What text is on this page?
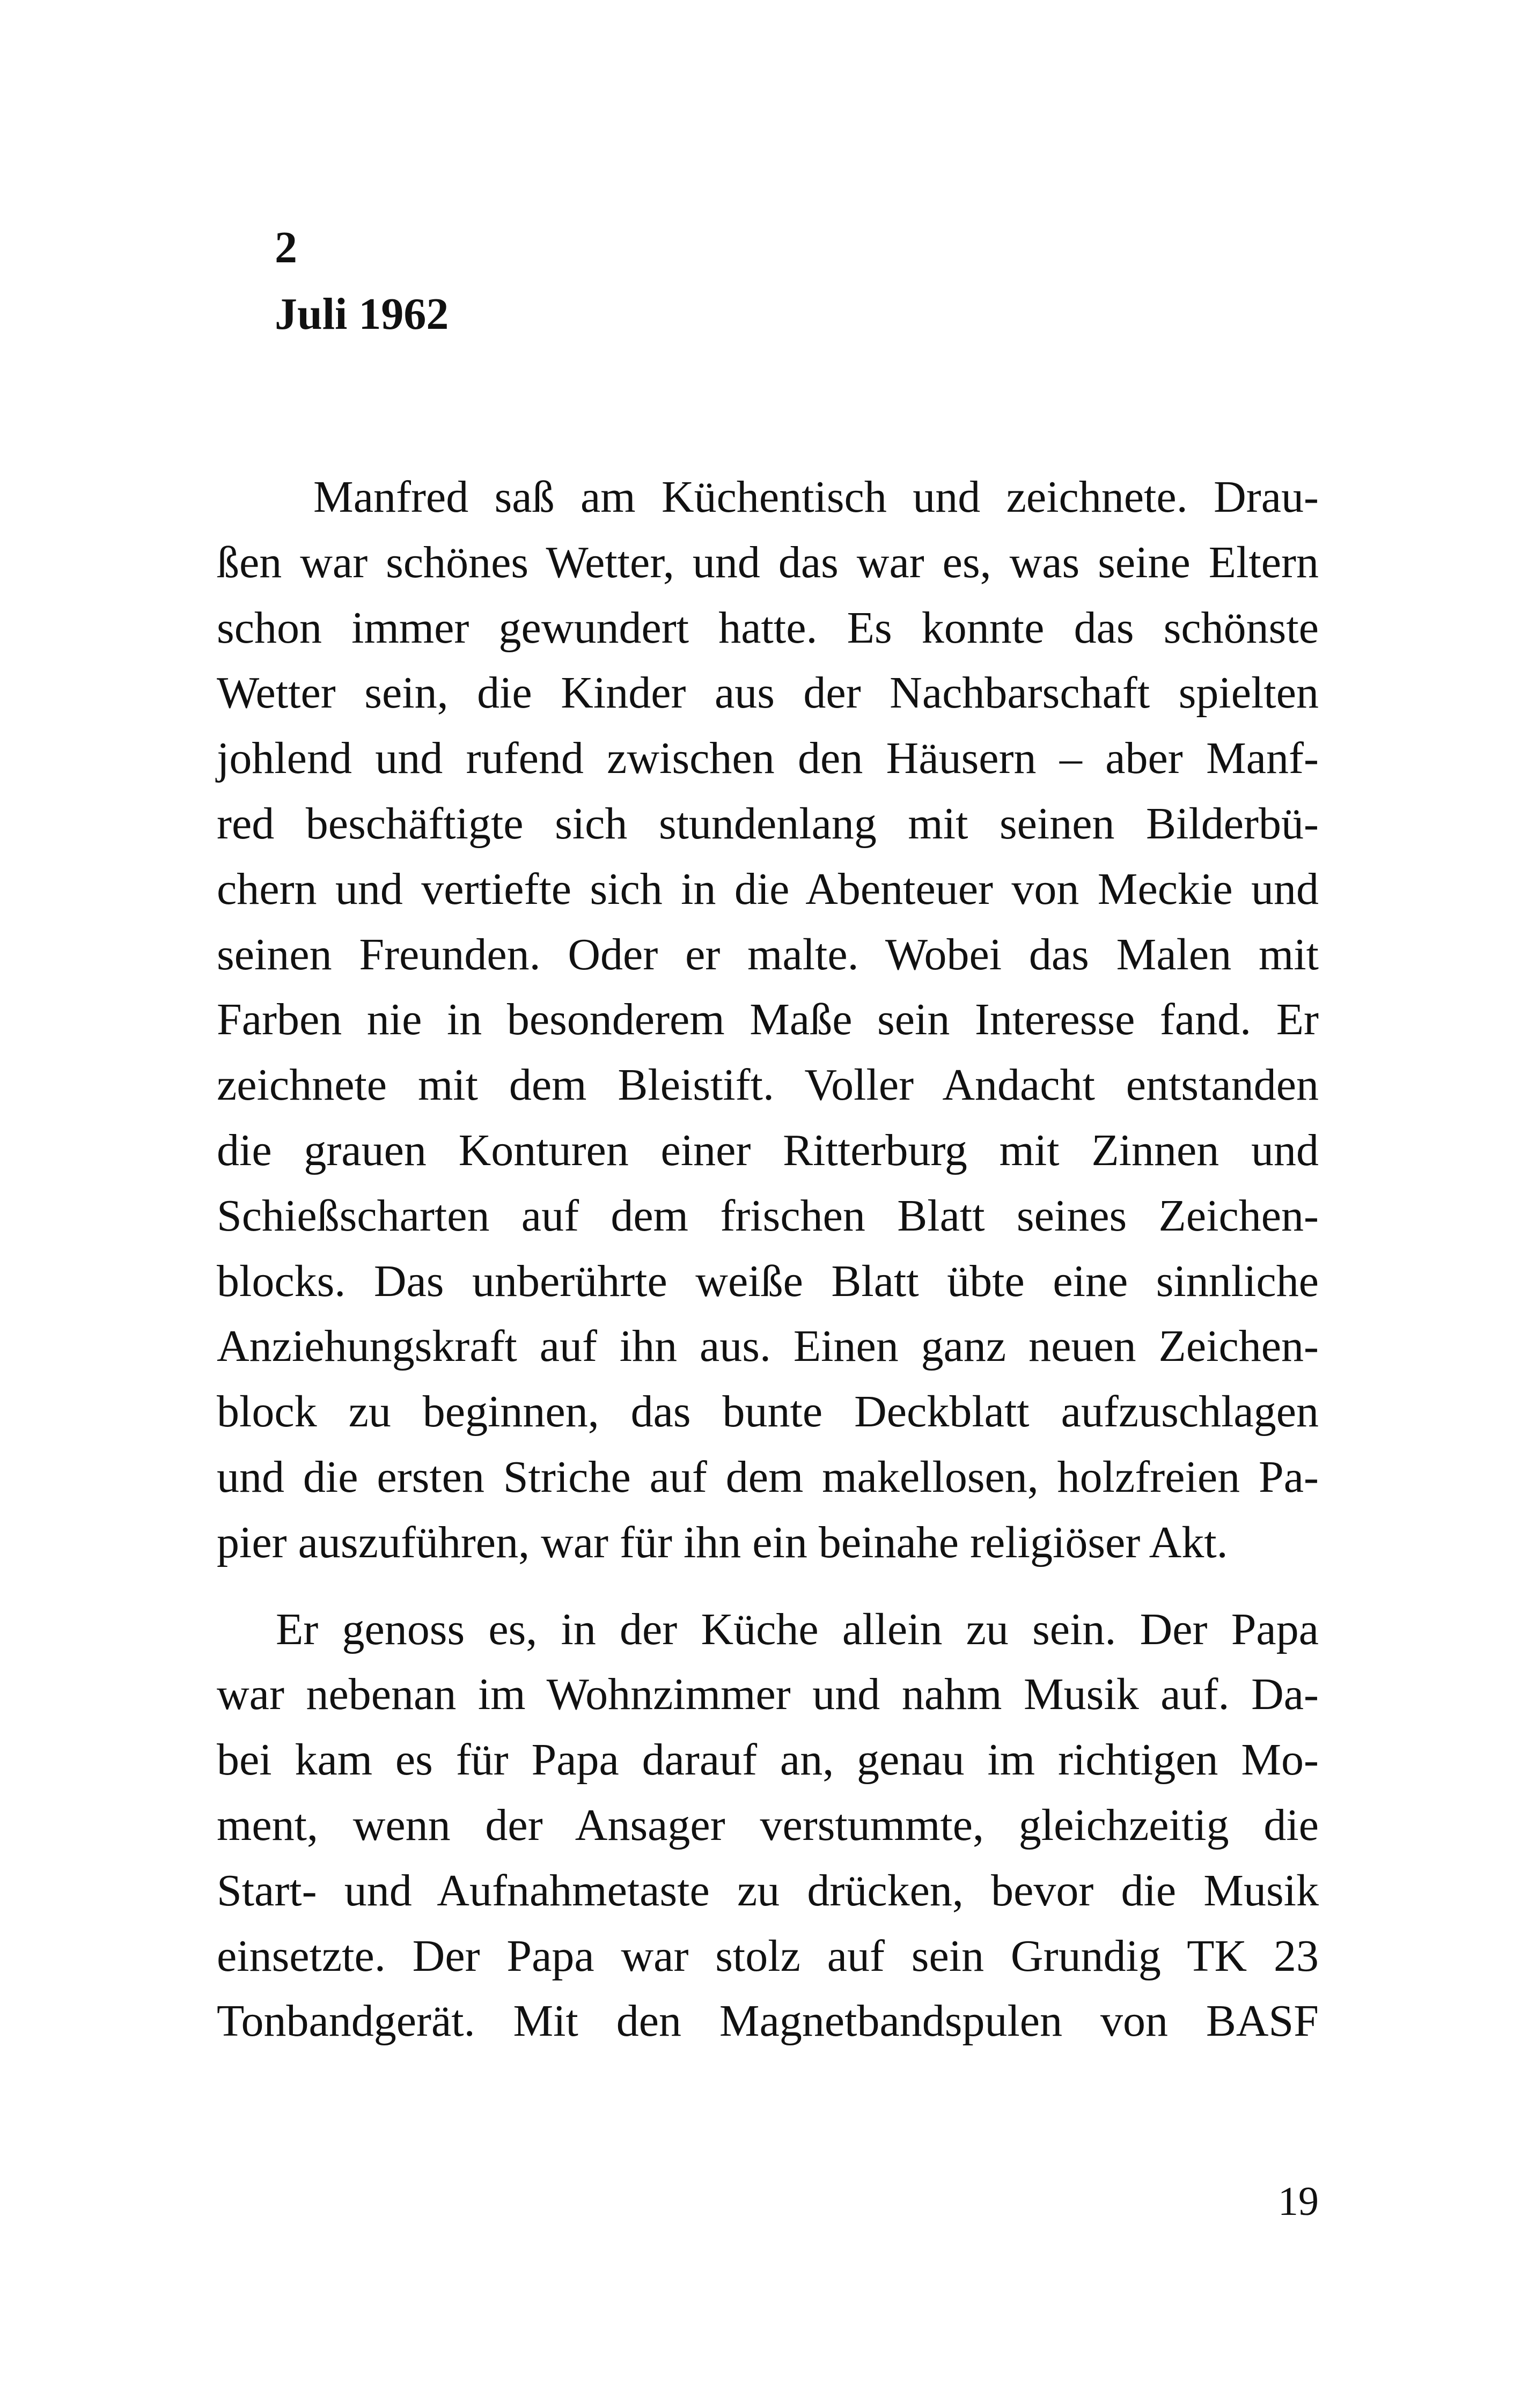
2
Juli 1962
Manfred saß am Küchentisch und zeichnete. Drau-
ßen war schönes Wetter, und das war es, was seine Eltern
schon immer gewundert hatte. Es konnte das schönste
Wetter sein, die Kinder aus der Nachbarschaft spielten
johlend und rufend zwischen den Häusern – aber Manf-
red beschäftigte sich stundenlang mit seinen Bilderbü-
chern und vertiefte sich in die Abenteuer von Meckie und
seinen Freunden. Oder er malte. Wobei das Malen mit
Farben nie in besonderem Maße sein Interesse fand. Er
zeichnete mit dem Bleistift. Voller Andacht entstanden
die grauen Konturen einer Ritterburg mit Zinnen und
Schießscharten auf dem frischen Blatt seines Zeichen-
blocks. Das unberührte weiße Blatt übte eine sinnliche
Anziehungskraft auf ihn aus. Einen ganz neuen Zeichen-
block zu beginnen, das bunte Deckblatt aufzuschlagen
und die ersten Striche auf dem makellosen, holzfreien Pa-
pier auszuführen, war für ihn ein beinahe religiöser Akt.
Er genoss es, in der Küche allein zu sein. Der Papa
war nebenan im Wohnzimmer und nahm Musik auf. Da-
bei kam es für Papa darauf an, genau im richtigen Mo-
ment, wenn der Ansager verstummte, gleichzeitig die
Start- und Aufnahmetaste zu drücken, bevor die Musik
einsetzte. Der Papa war stolz auf sein Grundig TK 23
Tonbandgerät. Mit den Magnetbandspulen von BASF
19
